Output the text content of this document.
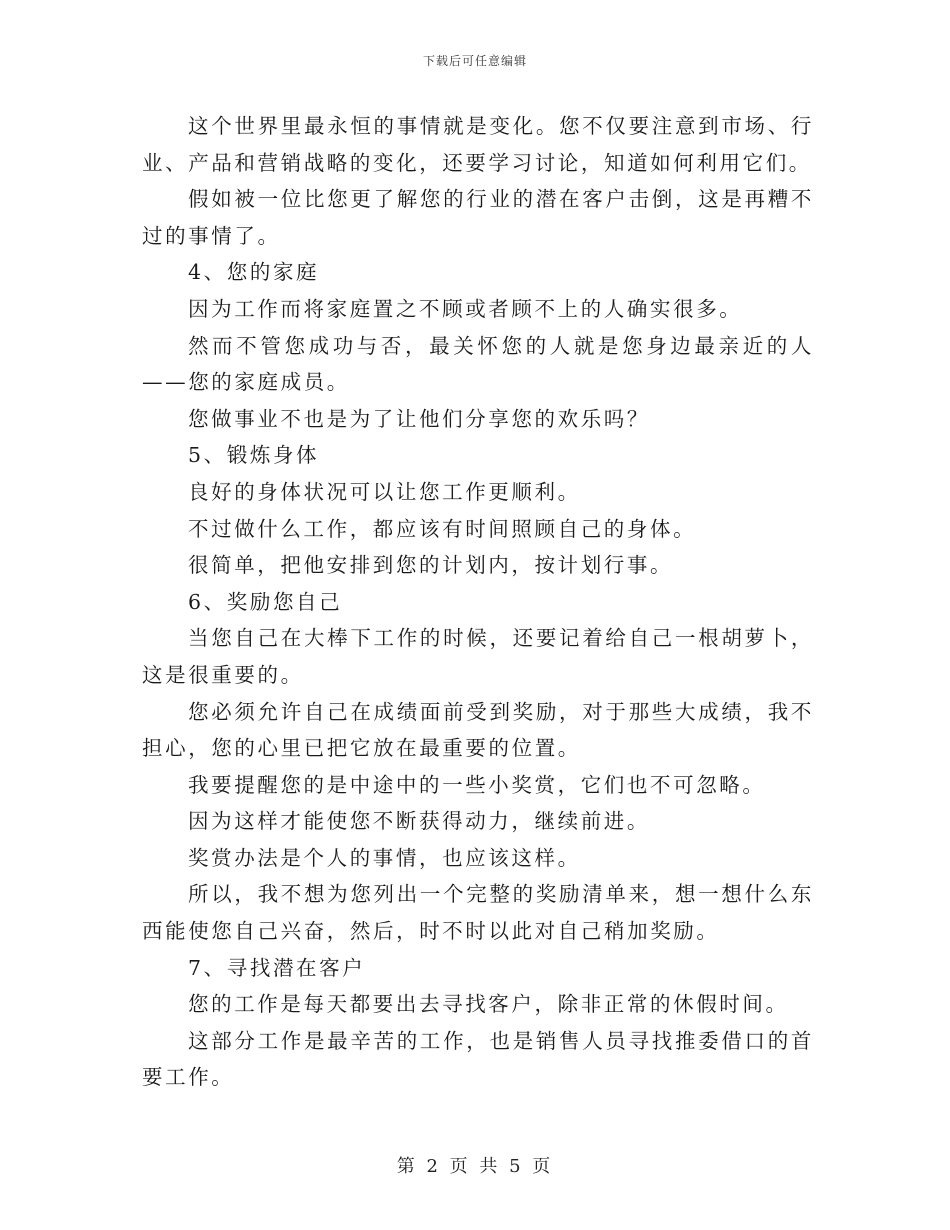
下载后可任意编辑

这个世界里最永恒的事情就是变化。您不仅要注意到市场、行业、产品和营销战略的变化，还要学习讨论，知道如何利用它们。

假如被一位比您更了解您的行业的潜在客户击倒，这是再糟不过的事情了。

4、您的家庭

因为工作而将家庭置之不顾或者顾不上的人确实很多。

然而不管您成功与否，最关怀您的人就是您身边最亲近的人——您的家庭成员。

您做事业不也是为了让他们分享您的欢乐吗？

5、锻炼身体

良好的身体状况可以让您工作更顺利。

不过做什么工作，都应该有时间照顾自己的身体。

很简单，把他安排到您的计划内，按计划行事。

6、奖励您自己

当您自己在大棒下工作的时候，还要记着给自己一根胡萝卜，这是很重要的。

您必须允许自己在成绩面前受到奖励，对于那些大成绩，我不担心，您的心里已把它放在最重要的位置。

我要提醒您的是中途中的一些小奖赏，它们也不可忽略。

因为这样才能使您不断获得动力，继续前进。

奖赏办法是个人的事情，也应该这样。

所以，我不想为您列出一个完整的奖励清单来，想一想什么东西能使您自己兴奋，然后，时不时以此对自己稍加奖励。

7、寻找潜在客户

您的工作是每天都要出去寻找客户，除非正常的休假时间。

这部分工作是最辛苦的工作，也是销售人员寻找推委借口的首要工作。

第 2 页 共 5 页
